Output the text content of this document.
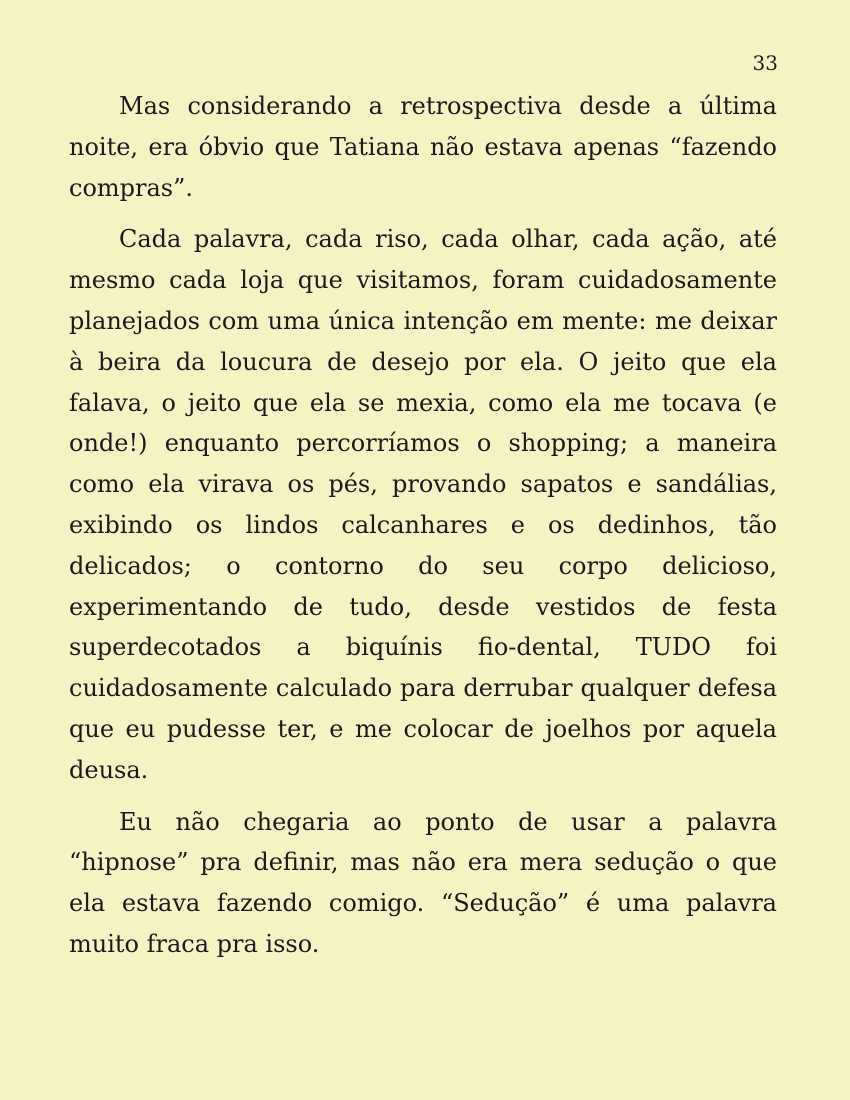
33

Mas considerando a retrospectiva desde a última noite, era óbvio que Tatiana não estava apenas “fazendo compras”.

Cada palavra, cada riso, cada olhar, cada ação, até mesmo cada loja que visitamos, foram cuidadosamente planejados com uma única intenção em mente: me deixar à beira da loucura de desejo por ela. O jeito que ela falava, o jeito que ela se mexia, como ela me tocava (e onde!) enquanto percorríamos o shopping; a maneira como ela virava os pés, provando sapatos e sandálias, exibindo os lindos calcanhares e os dedinhos, tão delicados; o contorno do seu corpo delicioso, experimentando de tudo, desde vestidos de festa superdecotados a biquínis fio-dental, TUDO foi cuidadosamente calculado para derrubar qualquer defesa que eu pudesse ter, e me colocar de joelhos por aquela deusa.

Eu não chegaria ao ponto de usar a palavra “hipnose” pra definir, mas não era mera sedução o que ela estava fazendo comigo. “Sedução” é uma palavra muito fraca pra isso.
